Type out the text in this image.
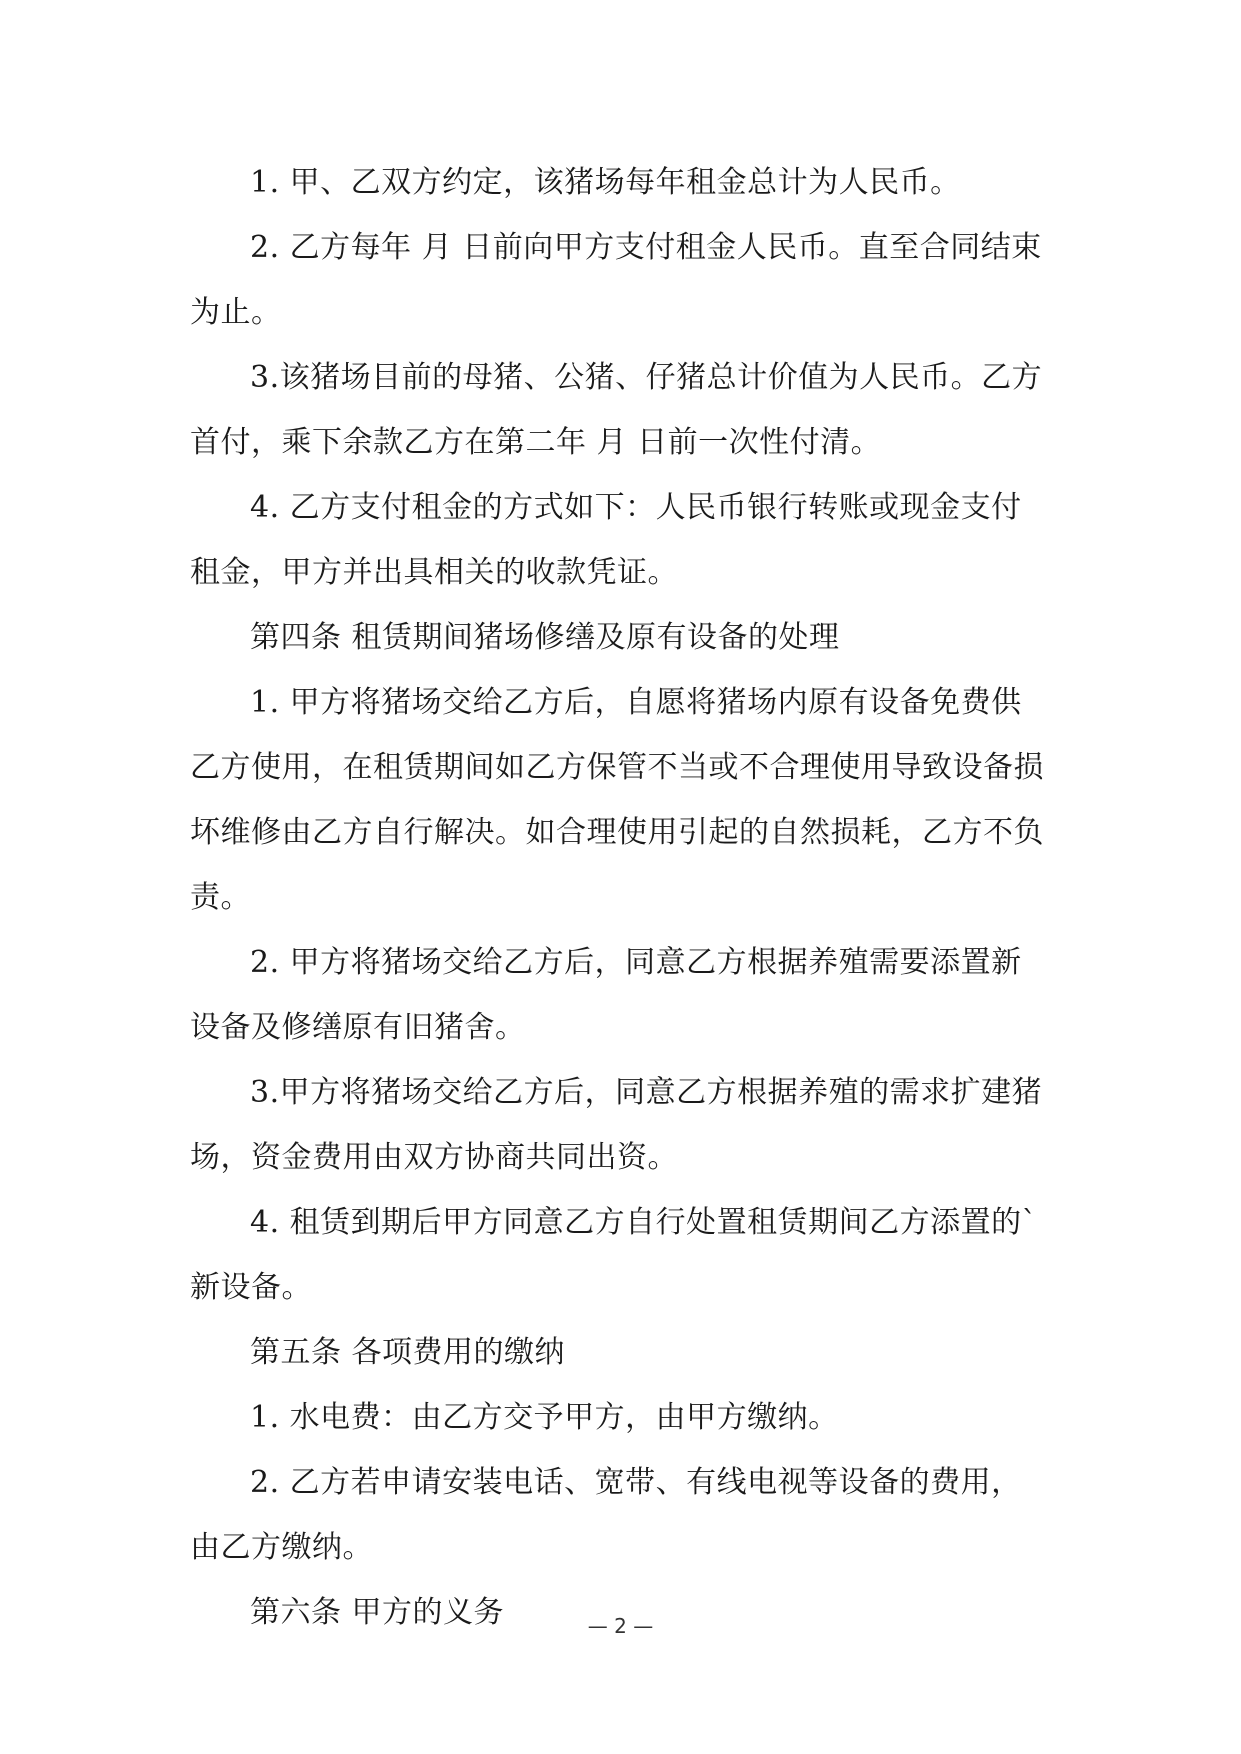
1. 甲、乙双方约定，该猪场每年租金总计为人民币。

2. 乙方每年 月 日前向甲方支付租金人民币。直至合同结束为止。

3.该猪场目前的母猪、公猪、仔猪总计价值为人民币。乙方首付，乘下余款乙方在第二年 月 日前一次性付清。

4. 乙方支付租金的方式如下：人民币银行转账或现金支付租金，甲方并出具相关的收款凭证。

第四条 租赁期间猪场修缮及原有设备的处理

1. 甲方将猪场交给乙方后，自愿将猪场内原有设备免费供乙方使用，在租赁期间如乙方保管不当或不合理使用导致设备损坏维修由乙方自行解决。如合理使用引起的自然损耗，乙方不负责。

2. 甲方将猪场交给乙方后，同意乙方根据养殖需要添置新设备及修缮原有旧猪舍。

3.甲方将猪场交给乙方后，同意乙方根据养殖的需求扩建猪场，资金费用由双方协商共同出资。

4. 租赁到期后甲方同意乙方自行处置租赁期间乙方添置的`新设备。

第五条 各项费用的缴纳

1. 水电费：由乙方交予甲方，由甲方缴纳。

2. 乙方若申请安装电话、宽带、有线电视等设备的费用，由乙方缴纳。

第六条 甲方的义务	— 2 —
